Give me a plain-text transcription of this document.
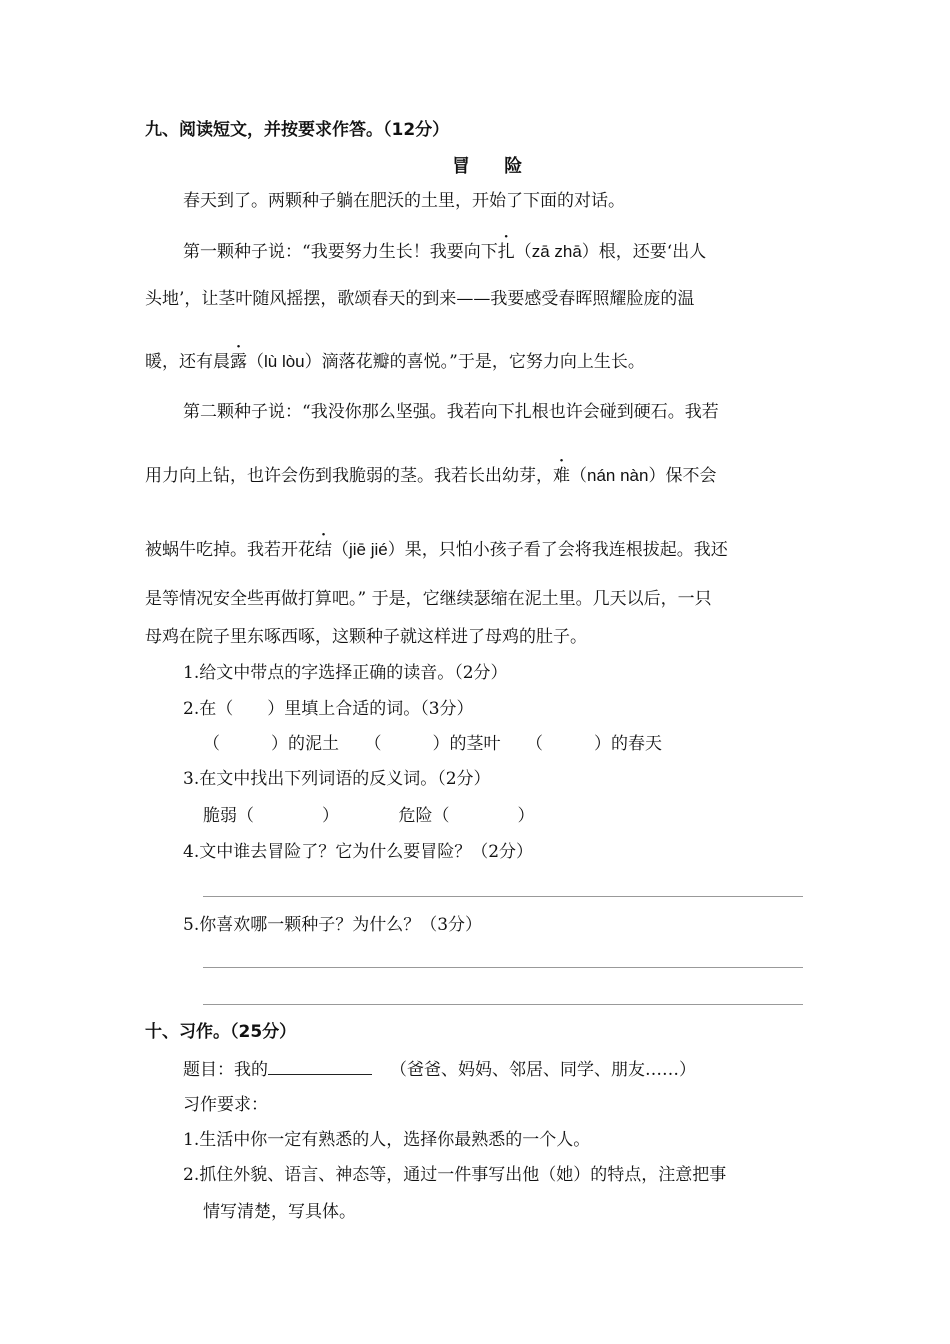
九、阅读短文，并按要求作答。（12分）
冒 险
春天到了。两颗种子躺在肥沃的土里，开始了下面的对话。
第一颗种子说：“我要努力生长！我要向下扎（zā zhā）根，还要‘出人
头地’，让茎叶随风摇摆，歌颂春天的到来——我要感受春晖照耀脸庞的温
暖，还有晨露（lù lòu）滴落花瓣的喜悦。”于是，它努力向上生长。
第二颗种子说：“我没你那么坚强。我若向下扎根也许会碰到硬石。我若
用力向上钻，也许会伤到我脆弱的茎。我若长出幼芽，难（nán nàn）保不会
被蜗牛吃掉。我若开花结（jiē jié）果，只怕小孩子看了会将我连根拔起。我还
是等情况安全些再做打算吧。” 于是，它继续瑟缩在泥土里。几天以后，一只
母鸡在院子里东啄西啄，这颗种子就这样进了母鸡的肚子。
1.给文中带点的字选择正确的读音。（2分）
2.在（　　）里填上合适的词。（3分）
（　　　）的泥土　　（　　　）的茎叶　　（　　　）的春天
3.在文中找出下列词语的反义词。（2分）
脆弱（　　　　）　　　　危险（　　　　）
4.文中谁去冒险了？它为什么要冒险？（2分）
5.你喜欢哪一颗种子？为什么？（3分）
十、习作。（25分）
题目：我的	（爸爸、妈妈、邻居、同学、朋友……）
习作要求：
1.生活中你一定有熟悉的人，选择你最熟悉的一个人。
2.抓住外貌、语言、神态等，通过一件事写出他（她）的特点，注意把事
情写清楚，写具体。
